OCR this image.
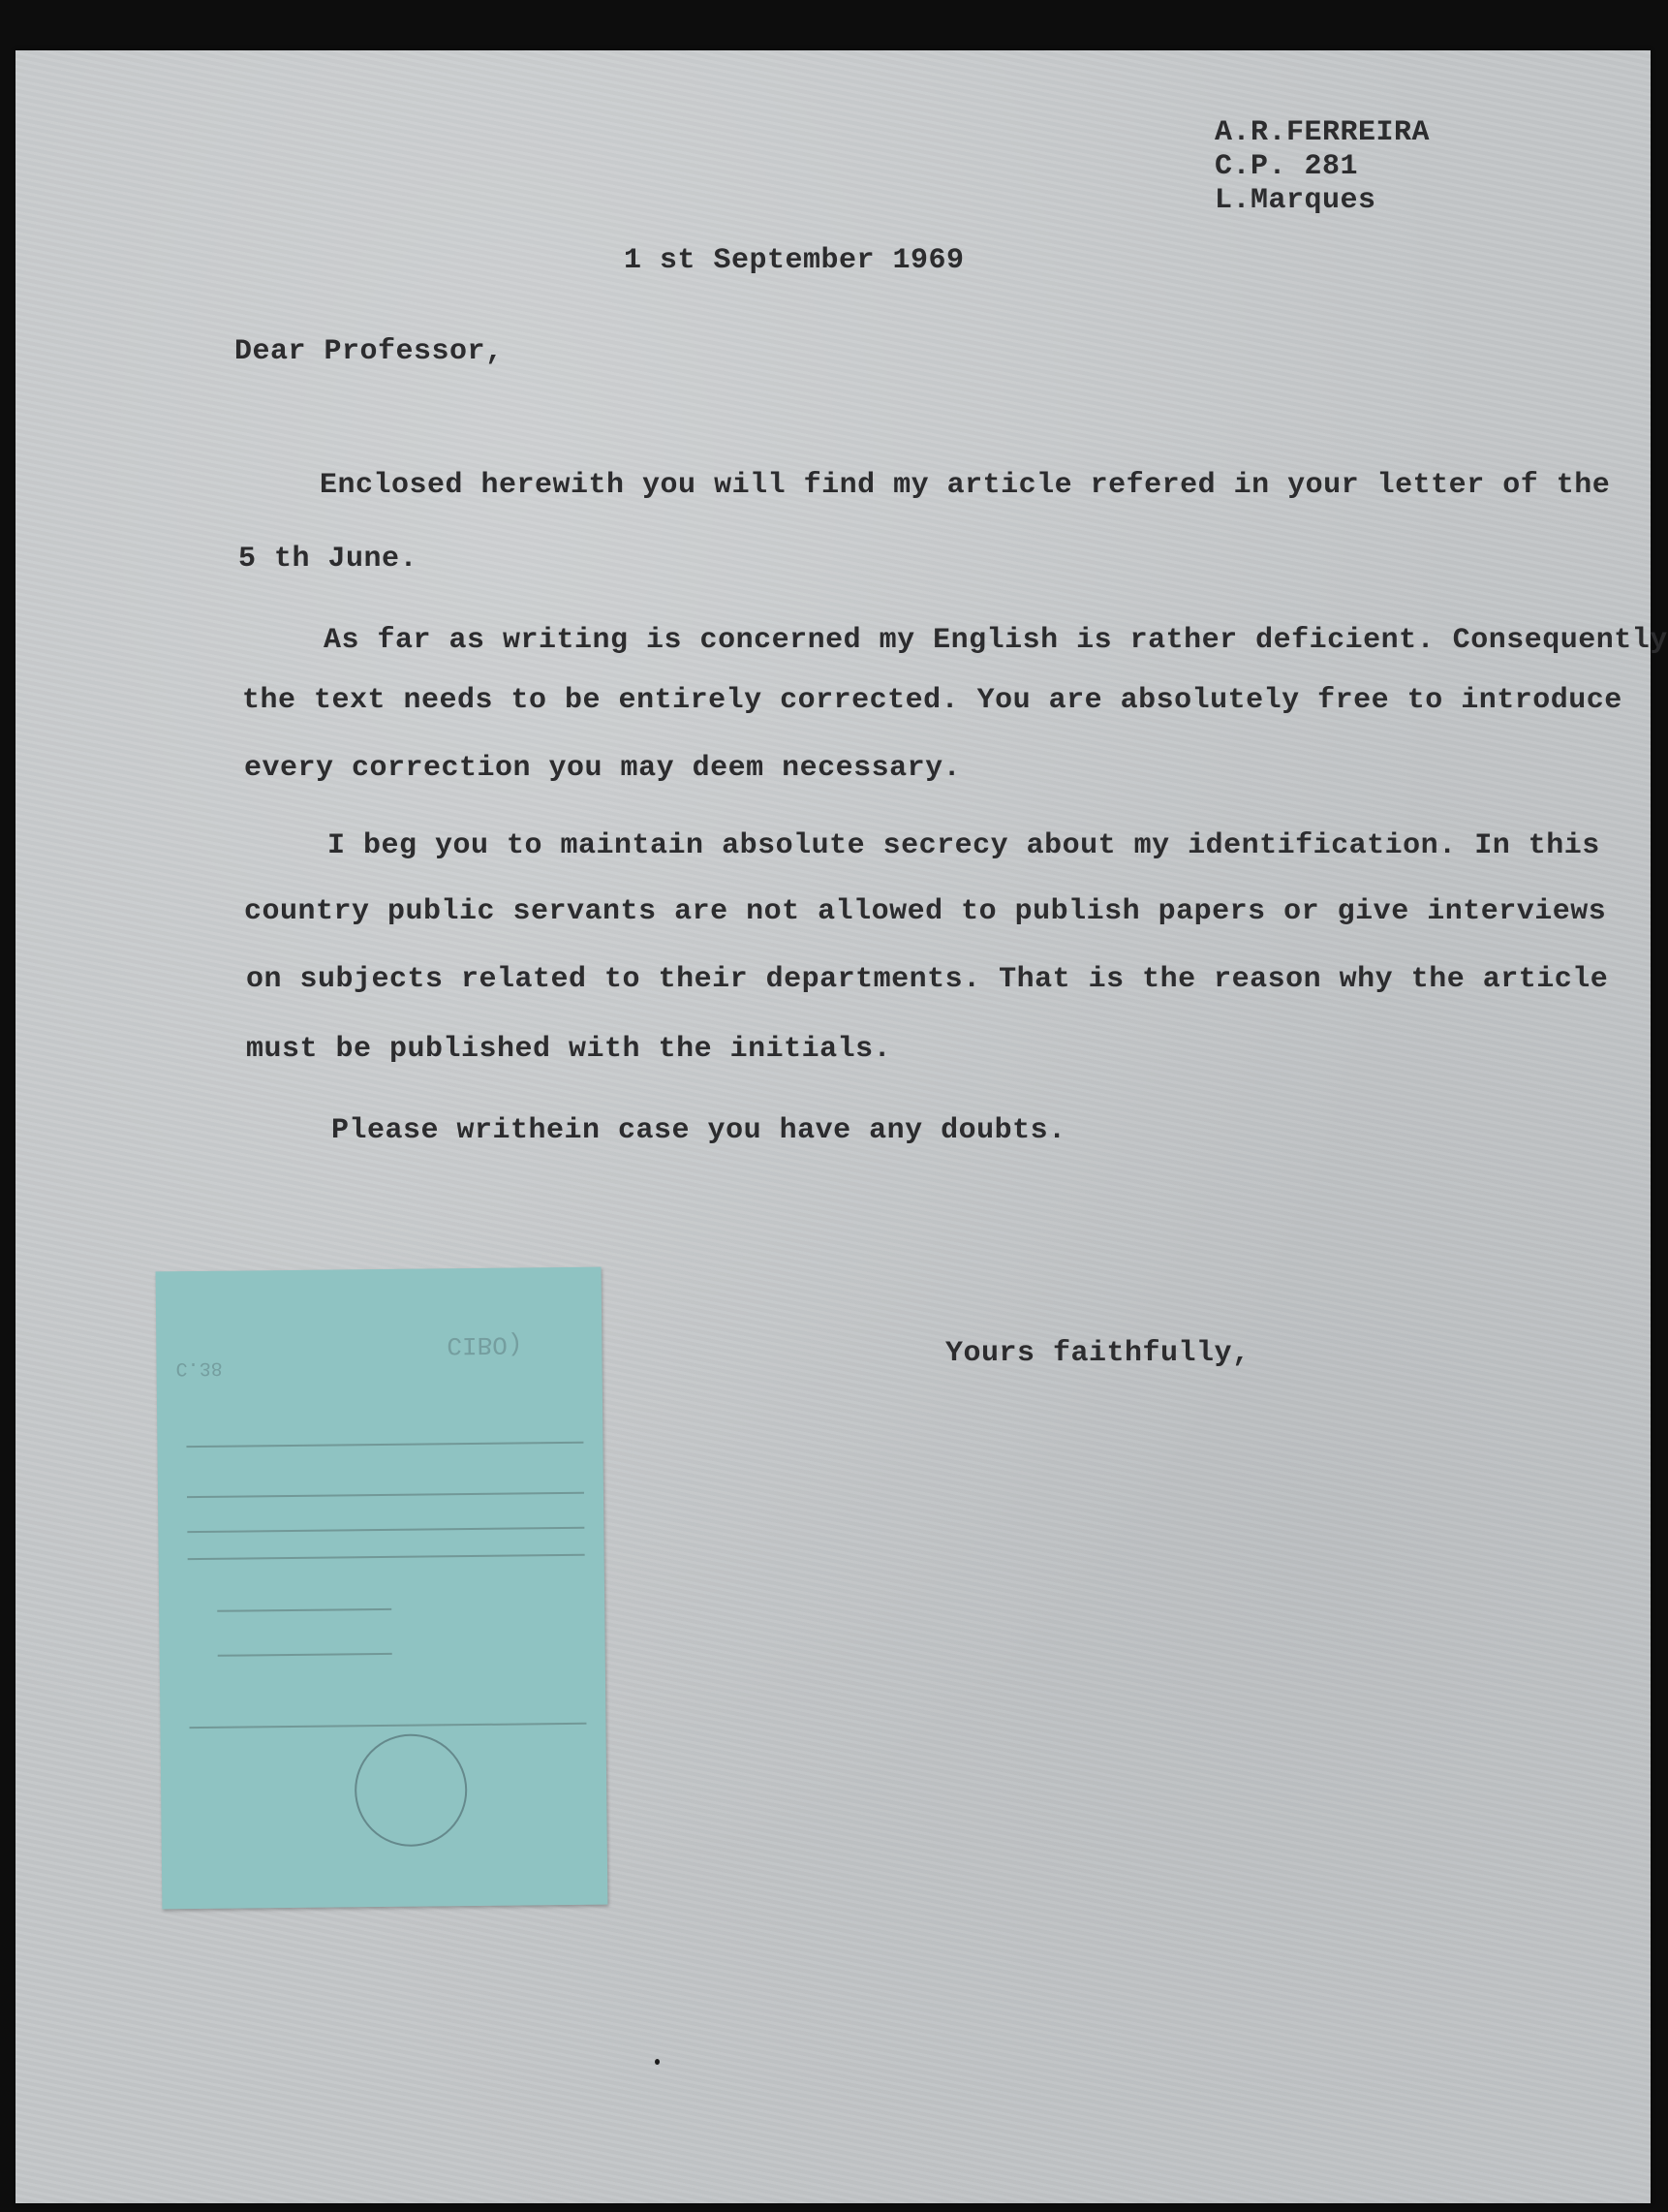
A.R.FERREIRA
C.P. 281
L.Marques
1 st September 1969
Dear Professor,
Enclosed herewith you will find my article refered in your letter of the
5 th June.
As far as writing is concerned my English is rather deficient. Consequently
the text needs to be entirely corrected. You are absolutely free to introduce
every correction you may deem necessary.
I beg you to maintain absolute secrecy about my identification. In this
country public servants are not allowed to publish papers or give interviews
on subjects related to their departments. That is the reason why the article
must be published with the initials.
Please writhein case you have any doubts.
Yours faithfully,
CIBO)
C.38
